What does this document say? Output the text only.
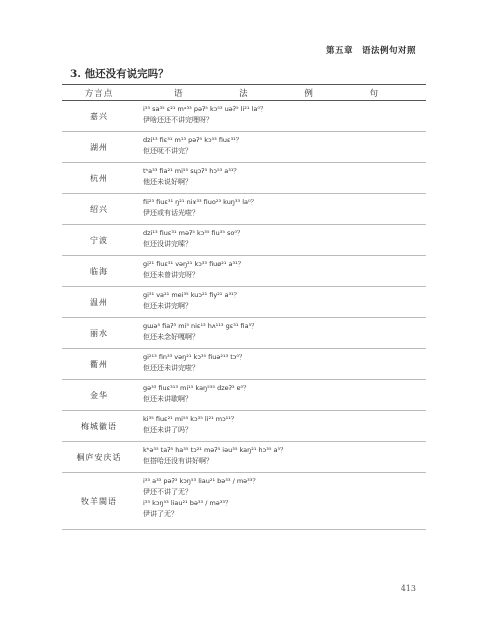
第五章　语法例句对照
3. 他还没有说完吗？
方言点	语 法 例 句
嘉兴
i³³ sa³⁵ ɛ²¹ mᵊ³³ pəʔ⁵ kɔ⁵³ uəʔ⁵ li²¹ la⁰？
伊啥还还不讲完哩呀？
湖州
dzi¹³ fiɛ³¹ m¹³ pəʔ⁵ kɔ⁵³ fiuɛ³¹？
佢还呒不讲完？
杭州
tʰa³³ fia²¹ mi⁵⁵ sɥɔʔ⁵ hɔ⁵³ a³¹？
他还未说好啊？
绍兴
fii²³ fiuɛ³¹ ŋ²¹ niɤ³³ fiuo²³ kuŋ³³ la⁰？
伊还或有话光啦？
宁波
dzi¹³ fiuɛ³¹ məʔ⁵ kɔ³⁵ fiu³⁵ so⁰？
佢还没讲完嗦？
临海
gi²¹ fiuɛ³¹ vəŋ²¹ kɔ³³ fiuø²¹ a³¹？
佢还未曾讲完呀？
温州
gi³¹ va²¹ mei³⁵ kuɔ²¹ fiy²¹ a³¹？
佢还未讲完啊？
丽水
gɯə⁵ fiaʔ³ mi⁵ niɛ¹³ hʌ¹¹³ gɛ³¹ fia⁵？
佢还未念好嘎啊？
衢州
gi²¹³ fin³³ vəŋ²¹ kɔ³⁵ fiuə²¹³ tɔ⁰？
佢还还未讲完啦？
金华
gə³³ fiuɛ³¹³ mi¹⁵ kaŋ⁵³⁵ dzeʔ³ ɐ⁰？
佢还未讲歇啊？
梅城徽语
ki³⁵ fiuɛ²¹ mi⁵⁵ kɔ³⁵ li²¹ mɔ¹¹？
佢还未讲了吗？
桐庐安庆话
kʰə³⁵ taʔ⁵ ha³⁵ tɔ²¹ məʔ⁵ iəu³⁵ kaŋ²¹ hɔ³⁵ a⁵？
佢搭哈还没有讲好啊？
牧羊閩语
i³³ a³³ pəʔ³ kɔŋ⁵³ liau²¹ bə³³ / mə³³？
伊还不讲了无？
i³³ kɔŋ⁵³ liau²¹ bə³³ / mə³³？
伊讲了无？
413
